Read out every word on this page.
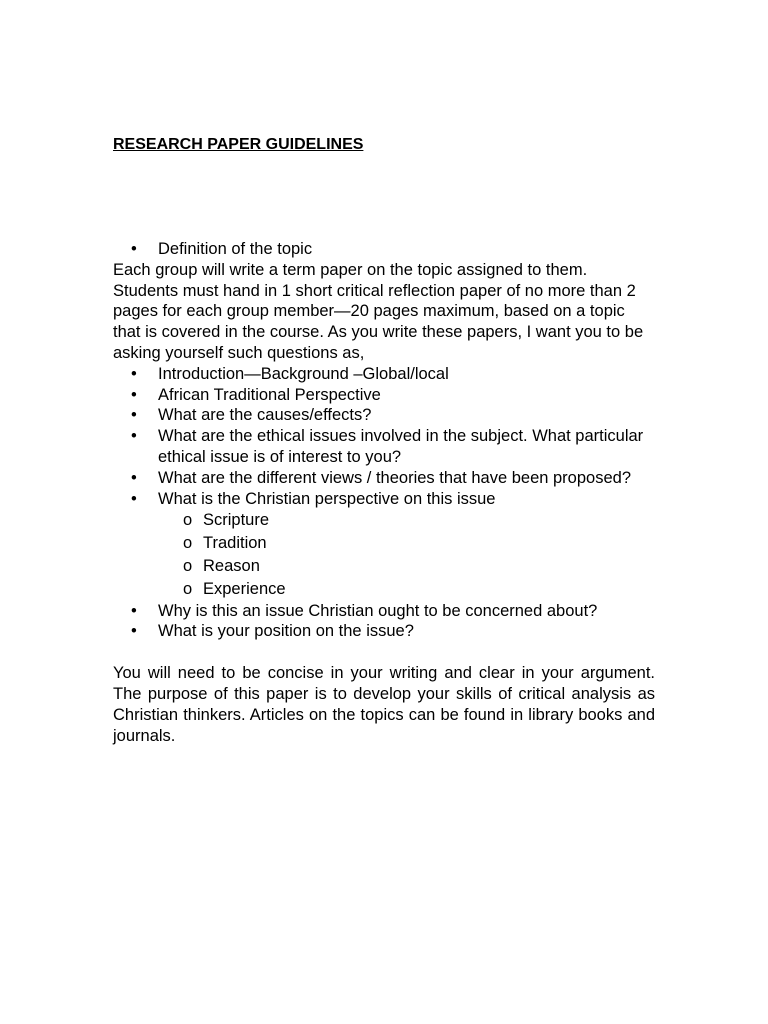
RESEARCH PAPER GUIDELINES
•	Definition of the topic

Each group will write a term paper on the topic assigned to them. Students must hand in 1 short critical reflection paper of no more than 2 pages for each group member—20 pages maximum, based on a topic that is covered in the course. As you write these papers, I want you to be asking yourself such questions as,

•	Introduction—Background –Global/local
•	African Traditional Perspective
•	What are the causes/effects?
•	What are the ethical issues involved in the subject. What particular ethical issue is of interest to you?
•	What are the different views / theories that have been proposed?
•	What is the Christian perspective on this issue
o Scripture
o Tradition
o Reason
o Experience
•	Why is this an issue Christian ought to be concerned about?
•	What is your position on the issue?

You will need to be concise in your writing and clear in your argument. The purpose of this paper is to develop your skills of critical analysis as Christian thinkers. Articles on the topics can be found in library books and journals.
